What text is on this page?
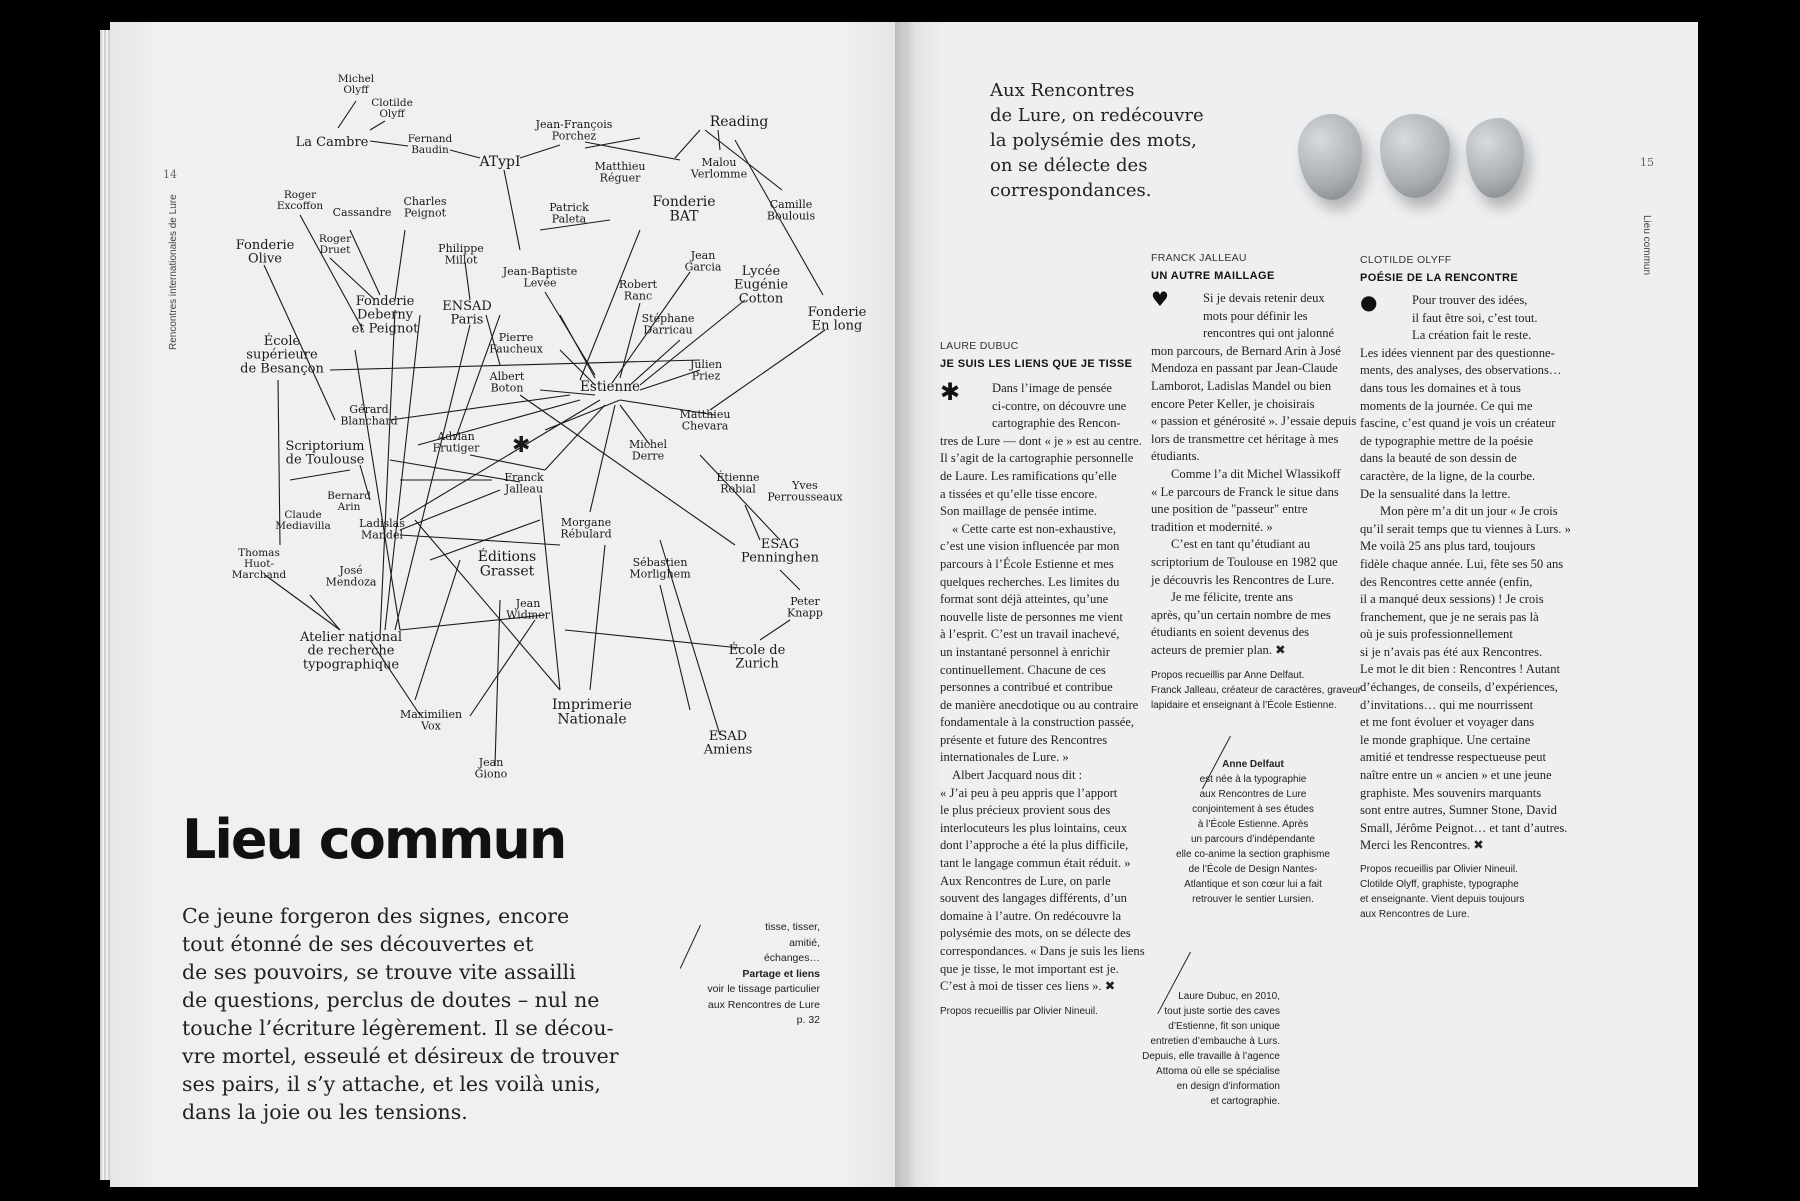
14
Rencontres internationales de Lure
Michel Olyff
Clotilde Olyff
La Cambre	Fernand Baudin
ATypI
Jean-François Porchez
Reading
Matthieu Réguer
Malou Verlomme
Camille Boulouis
Roger Excoffon Cassandre
Charles Peignot	Patrick Paleta
Fonderie BAT
Fonderie Olive
Roger Druet	Philippe Millot
Jean-Baptiste Levée
Jean Garcia
Robert Ranc
Lycée Eugénie Cotton
Fonderie En long
Fonderie Deberny et Peignot
ENSAD Paris	Stéphane Darricau
École supérieure de Besançon
Pierre Faucheux
Julien Priez
Albert Boton	Estienne
Gérard Blanchard
Matthieu Chevara
Scriptorium de Toulouse
Adrian Frutiger	Michel Derre
Franck Jalleau
Étienne Robial	Yves Perrousseaux
Bernard Arin
Claude Mediavilla	Ladislas Mandel
Morgane Rébulard
ESAG Penninghen
Thomas Huot-Marchand
Éditions Grasset
Sébastien Morlighem
José Mendoza
Peter Knapp
Jean Widmer
Atelier national de recherche typographique
École de Zurich
Maximilien Vox
Imprimerie Nationale
ESAD Amiens
Jean Giono
✱
Lieu commun
Ce jeune forgeron des signes, encore
tout étonné de ses découvertes et
de ses pouvoirs, se trouve vite assailli
de questions, perclus de doutes – nul ne
touche l’écriture légèrement. Il se décou-
vre mortel, esseulé et désireux de trouver
ses pairs, il s’y attache, et les voilà unis,
dans la joie ou les tensions.
tisse, tisser,
amitié,
échanges…
Partage et liens
voir le tissage particulier
aux Rencontres de Lure
p. 32
15
Lieu commun
Aux Rencontres
de Lure, on redécouvre
la polysémie des mots,
on se délecte des
correspondances.
LAURE DUBUC
JE SUIS LES LIENS QUE JE TISSE
✱	Dans l’image de pensée
ci-contre, on découvre une
cartographie des Rencon-
tres de Lure — dont « je » est au centre.
Il s’agit de la cartographie personnelle
de Laure. Les ramifications qu’elle
a tissées et qu’elle tisse encore.
Son maillage de pensée intime.
« Cette carte est non-exhaustive,
c’est une vision influencée par mon
parcours à l’École Estienne et mes
quelques recherches. Les limites du
format sont déjà atteintes, qu’une
nouvelle liste de personnes me vient
à l’esprit. C’est un travail inachevé,
un instantané personnel à enrichir
continuellement. Chacune de ces
personnes a contribué et contribue
de manière anecdotique ou au contraire
fondamentale à la construction passée,
présente et future des Rencontres
internationales de Lure. »
Albert Jacquard nous dit :
« J’ai peu à peu appris que l’apport
le plus précieux provient sous des
interlocuteurs les plus lointains, ceux
dont l’approche a été la plus difficile,
tant le langage commun était réduit. »
Aux Rencontres de Lure, on parle
souvent des langages différents, d’un
domaine à l’autre. On redécouvre la
polysémie des mots, on se délecte des
correspondances. « Dans je suis les liens
que je tisse, le mot important est je.
C’est à moi de tisser ces liens ». ✖
Propos recueillis par Olivier Nineuil.
FRANCK JALLEAU
UN AUTRE MAILLAGE
♥	Si je devais retenir deux
mots pour définir les
rencontres qui ont jalonné
mon parcours, de Bernard Arin à José
Mendoza en passant par Jean-Claude
Lamborot, Ladislas Mandel ou bien
encore Peter Keller, je choisirais
« passion et générosité ». J’essaie depuis
lors de transmettre cet héritage à mes
étudiants.
Comme l’a dit Michel Wlassikoff
« Le parcours de Franck le situe dans
une position de "passeur" entre
tradition et modernité. »
C’est en tant qu’étudiant au
scriptorium de Toulouse en 1982 que
je découvris les Rencontres de Lure.
Je me félicite, trente ans
après, qu’un certain nombre de mes
étudiants en soient devenus des
acteurs de premier plan. ✖
Propos recueillis par Anne Delfaut.
Franck Jalleau, créateur de caractères, graveur
lapidaire et enseignant à l’École Estienne.
Anne Delfaut
est née à la typographie
aux Rencontres de Lure
conjointement à ses études
à l’École Estienne. Après
un parcours d’indépendante
elle co-anime la section graphisme
de l’École de Design Nantes-
Atlantique et son cœur lui a fait
retrouver le sentier Lursien.
Laure Dubuc, en 2010,
tout juste sortie des caves
d’Estienne, fit son unique
entretien d’embauche à Lurs.
Depuis, elle travaille à l’agence
Attoma où elle se spécialise
en design d’information
et cartographie.
CLOTILDE OLYFF
POÉSIE DE LA RENCONTRE
●	Pour trouver des idées,
il faut être soi, c’est tout.
La création fait le reste.
Les idées viennent par des questionne-
ments, des analyses, des observations…
dans tous les domaines et à tous
moments de la journée. Ce qui me
fascine, c’est quand je vois un créateur
de typographie mettre de la poésie
dans la beauté de son dessin de
caractère, de la ligne, de la courbe.
De la sensualité dans la lettre.
Mon père m’a dit un jour « Je crois
qu’il serait temps que tu viennes à Lurs. »
Me voilà 25 ans plus tard, toujours
fidèle chaque année. Lui, fête ses 50 ans
des Rencontres cette année (enfin,
il a manqué deux sessions) ! Je crois
franchement, que je ne serais pas là
où je suis professionnellement
si je n’avais pas été aux Rencontres.
Le mot le dit bien : Rencontres ! Autant
d’échanges, de conseils, d’expériences,
d’invitations… qui me nourrissent
et me font évoluer et voyager dans
le monde graphique. Une certaine
amitié et tendresse respectueuse peut
naître entre un « ancien » et une jeune
graphiste. Mes souvenirs marquants
sont entre autres, Sumner Stone, David
Small, Jérôme Peignot… et tant d’autres.
Merci les Rencontres. ✖
Propos recueillis par Olivier Nineuil.
Clotilde Olyff, graphiste, typographe
et enseignante. Vient depuis toujours
aux Rencontres de Lure.
